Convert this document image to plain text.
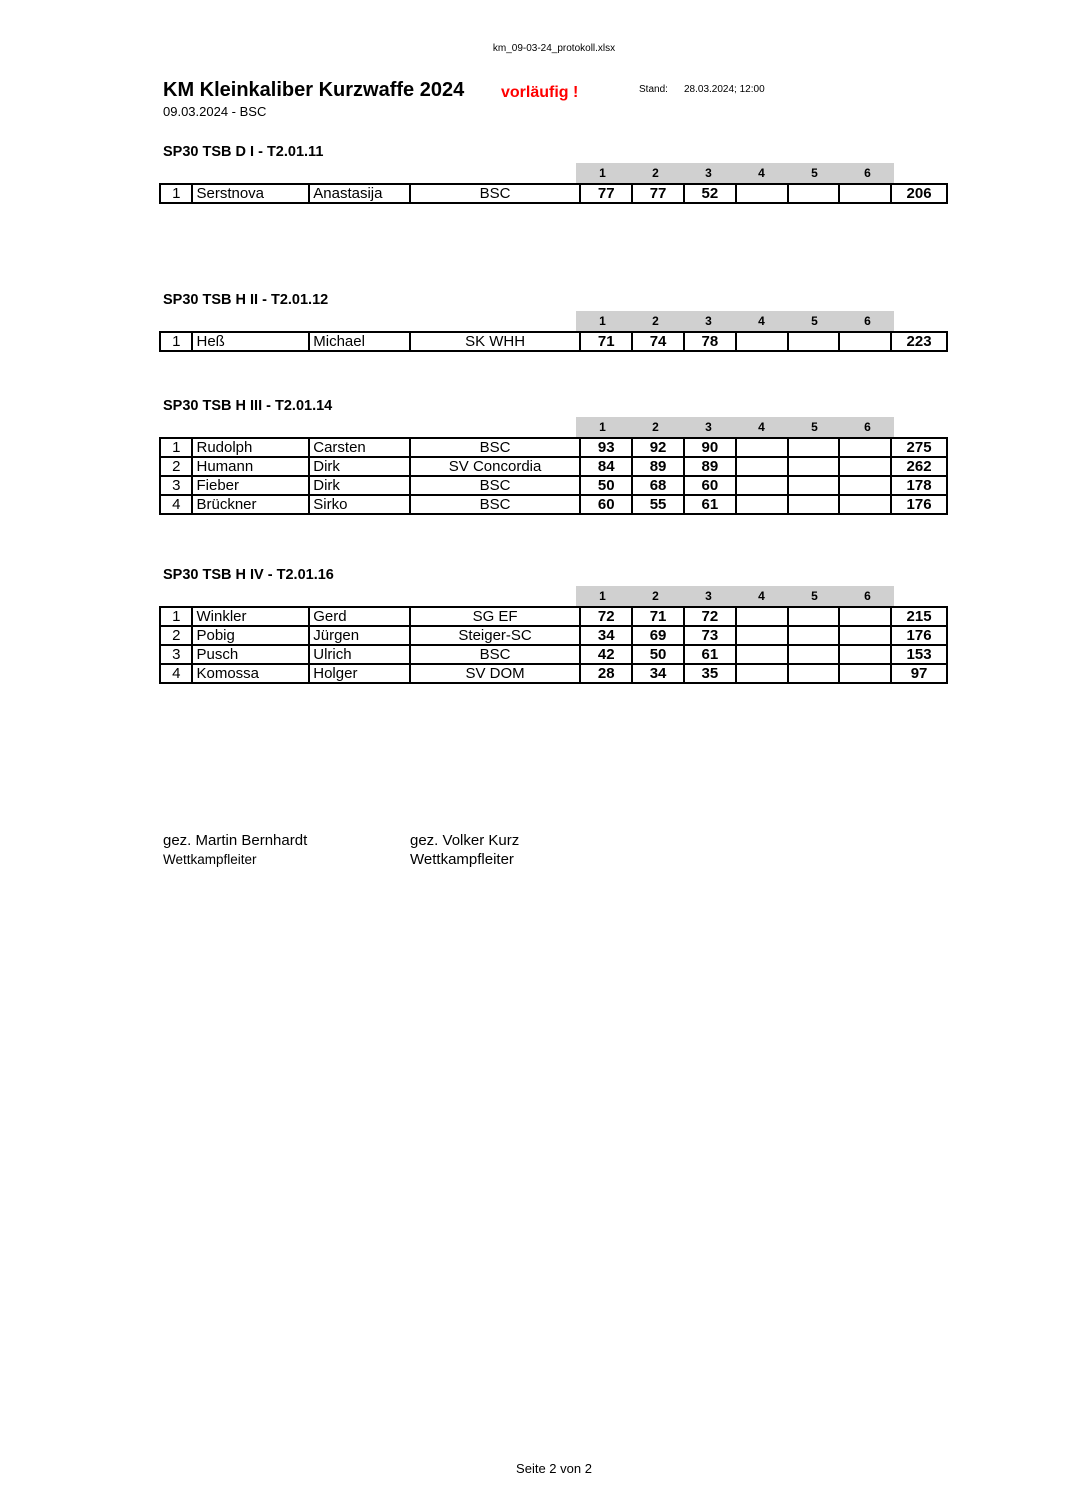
km_09-03-24_protokoll.xlsx
KM Kleinkaliber Kurzwaffe 2024 vorläufig !
09.03.2024 - BSC
Stand: 28.03.2024; 12:00
SP30 TSB D I - T2.01.11
1	2	3	4	5	6
1	Serstnova	Anastasija	BSC	77	77	52				206
SP30 TSB H II - T2.01.12
1	2	3	4	5	6
1	Heß	Michael	SK WHH	71	74	78				223
SP30 TSB H III - T2.01.14
1	2	3	4	5	6
1	Rudolph	Carsten	BSC	93	92	90				275
2	Humann	Dirk	SV Concordia	84	89	89				262
3	Fieber	Dirk	BSC	50	68	60				178
4	Brückner	Sirko	BSC	60	55	61				176
SP30 TSB H IV - T2.01.16
1	2	3	4	5	6
1	Winkler	Gerd	SG EF	72	71	72				215
2	Pobig	Jürgen	Steiger-SC	34	69	73				176
3	Pusch	Ulrich	BSC	42	50	61				153
4	Komossa	Holger	SV DOM	28	34	35				97
gez. Martin Bernhardt
Wettkampfleiter
gez. Volker Kurz
Wettkampfleiter
Seite 2 von 2
